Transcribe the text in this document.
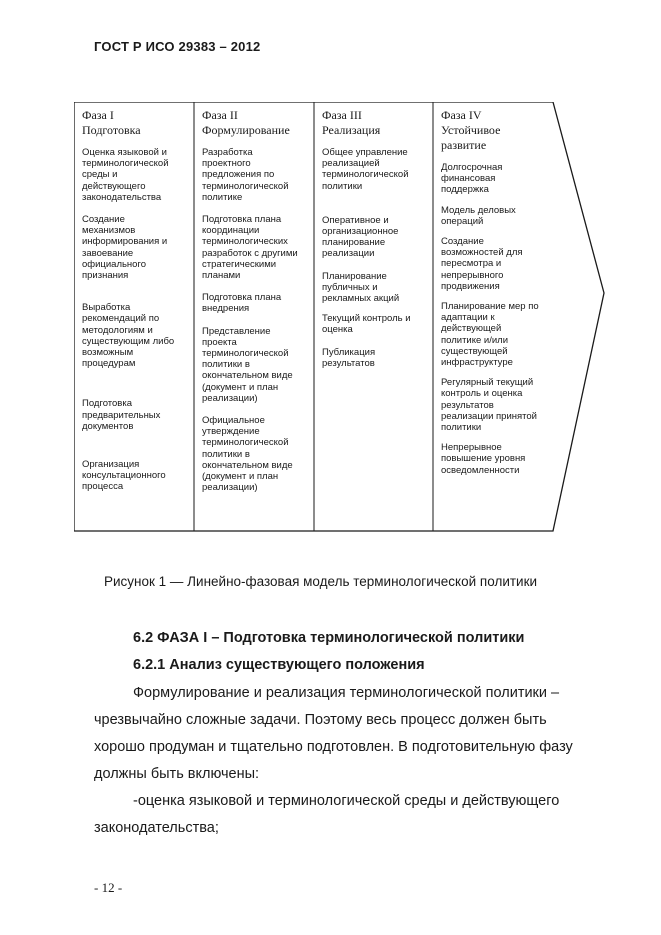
ГОСТ Р ИСО 29383 – 2012
Фаза I
Подготовка
Оценка языковой и
терминологической
среды и
действующего
законодательства
Создание
механизмов
информирования и
завоевание
официального
признания
Выработка
рекомендаций по
методологиям и
существующим либо
возможным
процедурам
Подготовка
предварительных
документов
Организация
консультационного
процесса
Фаза II
Формулирование
Разработка
проектного
предложения по
терминологической
политике
Подготовка плана
координации
терминологических
разработок с другими
стратегическими
планами
Подготовка плана
внедрения
Представление
проекта
терминологической
политики в
окончательном виде
(документ и план
реализации)
Официальное
утверждение
терминологической
политики в
окончательном виде
(документ и план
реализации)
Фаза III
Реализация
Общее управление
реализацией
терминологической
политики
Оперативное и
организационное
планирование
реализации
Планирование
публичных и
рекламных акций
Текущий контроль и
оценка
Публикация
результатов
Фаза IV
Устойчивое
развитие
Долгосрочная
финансовая
поддержка
Модель деловых
операций
Создание
возможностей для
пересмотра и
непрерывного
продвижения
Планирование мер по
адаптации к
действующей
политике и/или
существующей
инфраструктуре
Регулярный текущий
контроль и оценка
результатов
реализации принятой
политики
Непрерывное
повышение уровня
осведомленности
Рисунок 1 — Линейно-фазовая модель терминологической политики
6.2 ФАЗА I – Подготовка терминологической политики
6.2.1 Анализ существующего положения
Формулирование и реализация терминологической политики –
чрезвычайно сложные задачи. Поэтому весь процесс должен быть
хорошо продуман и тщательно подготовлен. В подготовительную фазу
должны быть включены:
-оценка языковой и терминологической среды и действующего
законодательства;
- 12 -
